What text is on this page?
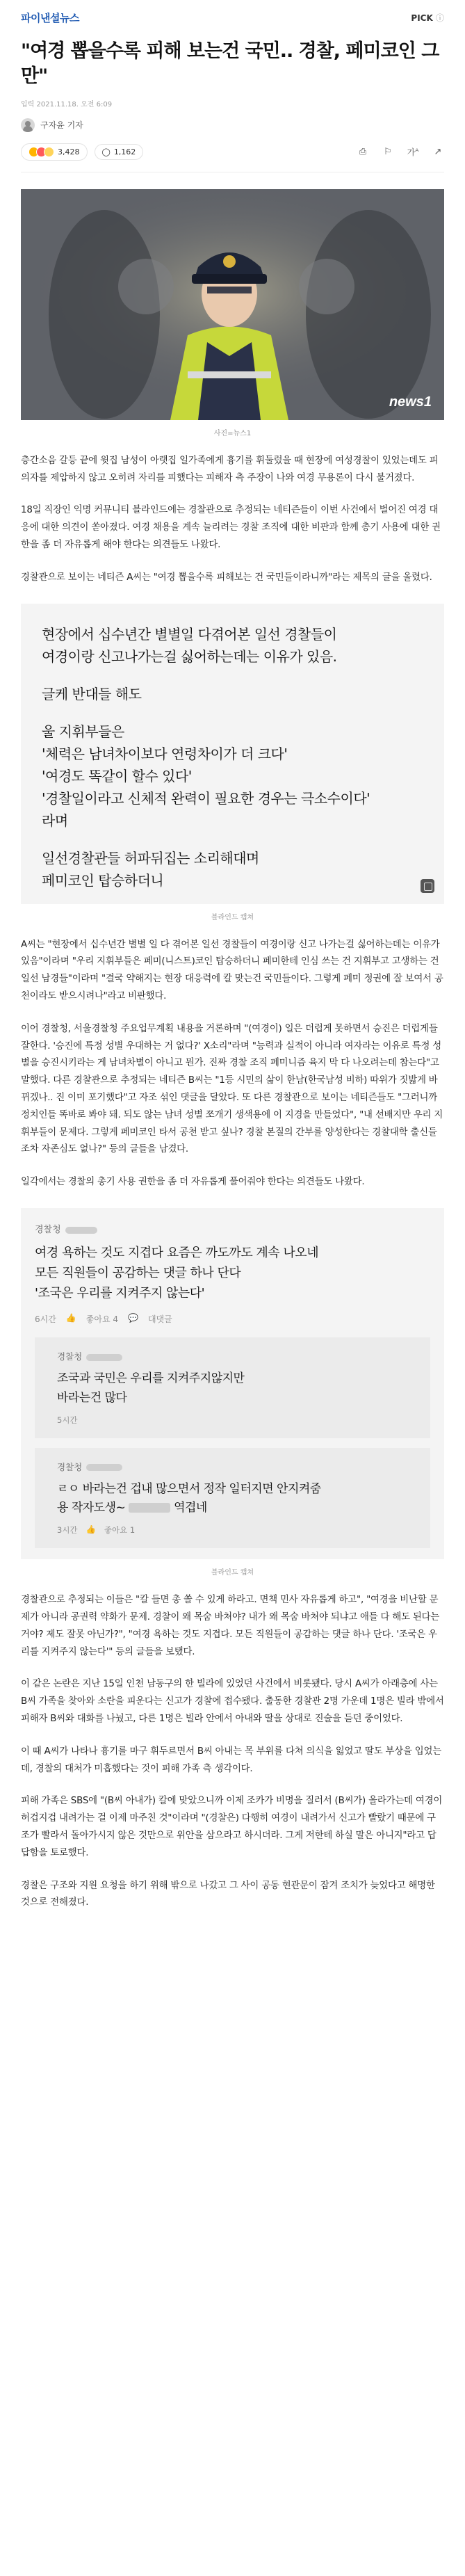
파이낸셜뉴스	PICK ⓘ
"여경 뽑을수록 피해 보는건 국민.. 경찰, 페미코인 그만"
입력 2021.11.18. 오전 6:09
구자윤 기자
3,428	◯ 1,162	⎙ ⚐ 가 ᴬ ↗
news1
사진=뉴스1

층간소음 갈등 끝에 윗집 남성이 아랫집 일가족에게 흉기를 휘둘렀을 때 현장에 여성경찰이 있었는데도 피의자를 제압하지 않고 오히려 자리를 피했다는 피해자 측 주장이 나와 여경 무용론이 다시 불거졌다.

18일 직장인 익명 커뮤니티 블라인드에는 경찰관으로 추정되는 네티즌들이 이번 사건에서 벌어진 여경 대응에 대한 의견이 쏟아졌다. 여경 채용을 계속 늘리려는 경찰 조직에 대한 비판과 함께 총기 사용에 대한 권한을 좀 더 자유롭게 해야 한다는 의견들도 나왔다.

경찰관으로 보이는 네티즌 A씨는 "여경 뽑을수록 피해보는 건 국민들이라니까"라는 제목의 글을 올렸다.

현장에서 십수년간 별별일 다겪어본 일선 경찰들이
여경이랑 신고나가는걸 싫어하는데는 이유가 있음.
글케 반대들 해도
울 지휘부들은
'체력은 남녀차이보다 연령차이가 더 크다'
'여경도 똑같이 할수 있다'
'경찰일이라고 신체적 완력이 필요한 경우는 극소수이다'
라며
일선경찰관들 허파뒤집는 소리해대며
페미코인 탑승하더니
블라인드 캡쳐

A씨는 "현장에서 십수년간 별별 일 다 겪어본 일선 경찰들이 여경이랑 신고 나가는걸 싫어하는데는 이유가 있음"이라며 "우리 지휘부들은 페미(니스트)코인 탑승하더니 페미한테 인심 쓰는 건 지휘부고 고생하는 건 일선 남경들"이라며 "결국 약해지는 현장 대응력에 칼 맞는건 국민들이다. 그렇게 페미 정권에 잘 보여서 공천이라도 받으시려나"라고 비판했다.

이어 경찰청, 서울경찰청 주요업무계획 내용을 거론하며 "(여경이) 일은 더럽게 못하면서 승진은 더럽게들 잘한다. '승진에 특정 성별 우대하는 거 없다?' X소리"라며 "능력과 실적이 아니라 여자라는 이유로 특정 성별을 승진시키라는 게 남녀차별이 아니고 뭔가. 진짜 경찰 조직 페미니즘 육지 막 다 나오려는데 참는다"고 말했다. 다른 경찰관으로 추정되는 네티즌 B씨는 "1등 시민의 삶이 한남(한국남성 비하) 따위가 짓밟게 바뀌겠나.. 진 이미 포기했다"고 자조 섞인 댓글을 달았다. 또 다른 경찰관으로 보이는 네티즌들도 "그러니까 정치인들 똑바로 봐야 돼. 되도 않는 남녀 성별 쪼개기 생색용에 이 지경을 만들었다", "내 선배지만 우리 지휘부들이 문제다. 그렇게 페미코인 타서 공천 받고 싶나? 경찰 본질의 간부를 양성한다는 경찰대학 출신들 조차 자존심도 없나?" 등의 글들을 남겼다.

일각에서는 경찰의 총기 사용 권한을 좀 더 자유롭게 풀어줘야 한다는 의견들도 나왔다.

경찰청
여경 욕하는 것도 지겹다 요즘은 까도까도 계속 나오네
모든 직원들이 공감하는 댓글 하나 단다
'조국은 우리를 지켜주지 않는다'
6시간 👍 좋아요 4 💬 대댓글
경찰청
조국과 국민은 우리를 지켜주지않지만
바라는건 많다
5시간
경찰청
ㄹㅇ 바라는건 겁내 많으면서 정작 일터지면 안지켜줌
용 작자도생~	역겹네
3시간 👍 좋아요 1
블라인드 캡쳐

경찰관으로 추정되는 이들은 "칼 들면 총 쏠 수 있게 하라고. 면책 민사 자유롭게 하고", "여경을 비난할 문제가 아니라 공권력 약화가 문제. 경찰이 왜 목숨 바쳐야? 내가 왜 목숨 바쳐야 되냐고 애들 다 해도 된다는 거야? 제도 잘못 아닌가?", "여경 욕하는 것도 지겹다. 모든 직원들이 공감하는 댓글 하나 단다. '조국은 우리를 지켜주지 않는다'" 등의 글들을 보탰다.

이 같은 논란은 지난 15일 인천 남동구의 한 빌라에 있었던 사건에서 비롯됐다. 당시 A씨가 아래층에 사는 B씨 가족을 찾아와 소란을 피운다는 신고가 경찰에 접수됐다. 출동한 경찰관 2명 가운데 1명은 빌라 밖에서 피해자 B씨와 대화를 나눴고, 다른 1명은 빌라 안에서 아내와 딸을 상대로 진술을 듣던 중이었다.

이 때 A씨가 나타나 흉기를 마구 휘두르면서 B씨 아내는 목 부위를 다쳐 의식을 잃었고 딸도 부상을 입었는데, 경찰의 대처가 미흡했다는 것이 피해 가족 측 생각이다.

피해 가족은 SBS에 "(B씨 아내가) 칼에 맞았으니까 이제 조카가 비명을 질러서 (B씨가) 올라가는데 여경이 허겁지겁 내려가는 걸 이제 마주친 것"이라며 "(경찰은) 다행히 여경이 내려가서 신고가 빨랐기 때문에 구조가 빨라서 돌아가시지 않은 것만으로 위안을 삼으라고 하시더라. 그게 저한테 하실 말은 아니지"라고 답답함을 토로했다.

경찰은 구조와 지원 요청을 하기 위해 밖으로 나갔고 그 사이 공동 현관문이 잠겨 조치가 늦었다고 해명한 것으로 전해졌다.
